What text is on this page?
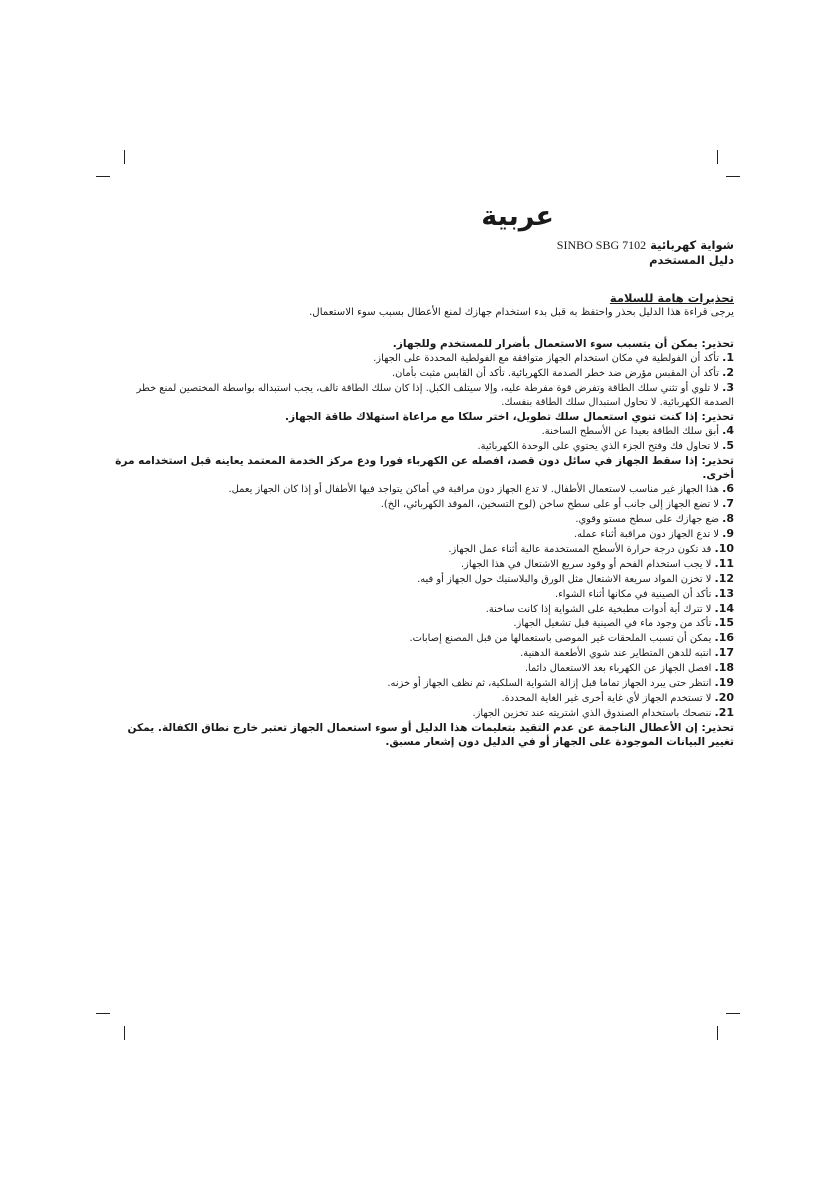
عربية
شواية كهربائية SINBO SBG 7102
دليل المستخدم
تحذيرات هامة للسلامة
يرجى قراءة هذا الدليل بحذر واحتفظ به قبل بدء استخدام جهازك لمنع الأعطال بسبب سوء الاستعمال.
تحذير: يمكن أن يتسبب سوء الاستعمال بأضرار للمستخدم وللجهاز.
1. تأكد أن الفولطية في مكان استخدام الجهاز متوافقة مع الفولطية المحددة على الجهاز.
2. تأكد أن المقبس مؤرض ضد خطر الصدمة الكهربائية. تأكد أن القابس مثبت بأمان.
3. لا تلوي أو تثني سلك الطاقة وتفرض قوة مفرطة عليه، وإلا سيتلف الكبل. إذا كان سلك الطاقة تالف، يجب استبداله بواسطة المختصين لمنع خطر الصدمة الكهربائية. لا تحاول استبدال سلك الطاقة بنفسك.
تحذير: إذا كنت تنوي استعمال سلك تطويل، اختر سلكا مع مراعاة استهلاك طاقة الجهاز.
4. أبق سلك الطاقة بعيدا عن الأسطح الساخنة.
5. لا تحاول فك وفتح الجزء الذي يحتوي على الوحدة الكهربائية.
تحذير: إذا سقط الجهاز في سائل دون قصد، افصله عن الكهرباء فورا ودع مركز الخدمة المعتمد يعاينه قبل استخدامه مرة أخرى.
6. هذا الجهاز غير مناسب لاستعمال الأطفال. لا تدع الجهاز دون مراقبة في أماكن يتواجد فيها الأطفال أو إذا كان الجهاز يعمل.
7. لا تضع الجهاز إلى جانب أو على سطح ساخن (لوح التسخين، الموقد الكهربائي، الخ).
8. ضع جهازك على سطح مستو وقوي.
9. لا تدع الجهاز دون مراقبة أثناء عمله.
10. قد تكون درجة حرارة الأسطح المستخدمة عالية أثناء عمل الجهاز.
11. لا يجب استخدام الفحم أو وقود سريع الاشتعال في هذا الجهاز.
12. لا تخزن المواد سريعة الاشتعال مثل الورق والبلاستيك حول الجهاز أو فيه.
13. تأكد أن الصينية في مكانها أثناء الشواء.
14. لا تترك أية أدوات مطبخية على الشواية إذا كانت ساخنة.
15. تأكد من وجود ماء في الصينية قبل تشغيل الجهاز.
16. يمكن أن تسبب الملحقات غير الموصى باستعمالها من قبل المصنع إصابات.
17. انتبه للدهن المتطاير عند شوي الأطعمة الدهنية.
18. افصل الجهاز عن الكهرباء بعد الاستعمال دائما.
19. انتظر حتى يبرد الجهاز تماما قبل إزالة الشواية السلكية، ثم نظف الجهاز أو خزنه.
20. لا تستخدم الجهاز لأي غاية أخرى غير الغاية المحددة.
21. ننصحك باستخدام الصندوق الذي اشتريته عند تخزين الجهاز.
تحذير: إن الأعطال الناجمة عن عدم التقيد بتعليمات هذا الدليل أو سوء استعمال الجهاز تعتبر خارج نطاق الكفالة. يمكن تغيير البيانات الموجودة على الجهاز أو في الدليل دون إشعار مسبق.
